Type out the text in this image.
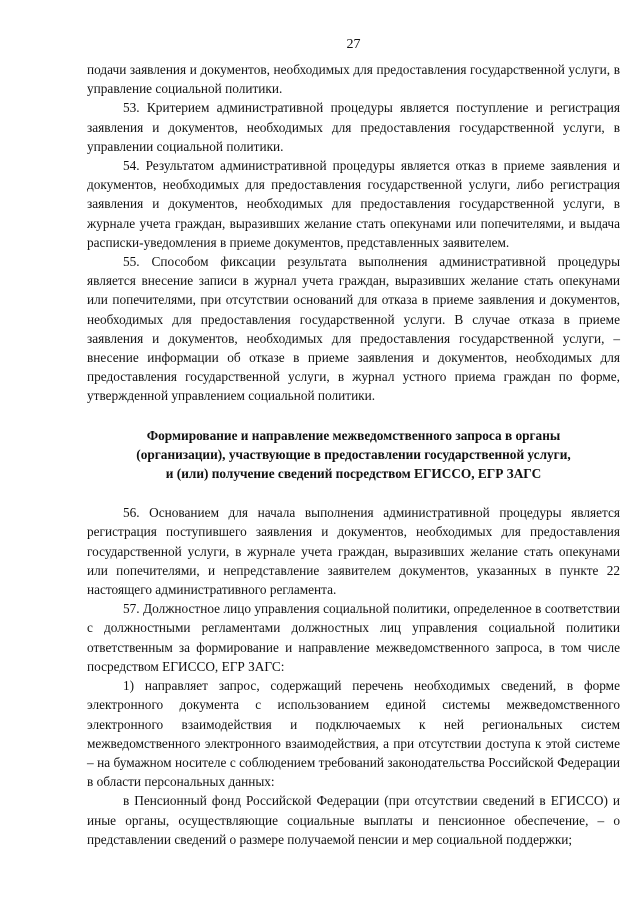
27

подачи заявления и документов, необходимых для предоставления государственной услуги, в управление социальной политики.

53. Критерием административной процедуры является поступление и регистрация заявления и документов, необходимых для предоставления государственной услуги, в управлении социальной политики.

54. Результатом административной процедуры является отказ в приеме заявления и документов, необходимых для предоставления государственной услуги, либо регистрация заявления и документов, необходимых для предоставления государственной услуги, в журнале учета граждан, выразивших желание стать опекунами или попечителями, и выдача расписки-уведомления в приеме документов, представленных заявителем.

55. Способом фиксации результата выполнения административной процедуры является внесение записи в журнал учета граждан, выразивших желание стать опекунами или попечителями, при отсутствии оснований для отказа в приеме заявления и документов, необходимых для предоставления государственной услуги. В случае отказа в приеме заявления и документов, необходимых для предоставления государственной услуги, – внесение информации об отказе в приеме заявления и документов, необходимых для предоставления государственной услуги, в журнал устного приема граждан по форме, утвержденной управлением социальной политики.

Формирование и направление межведомственного запроса в органы
(организации), участвующие в предоставлении государственной услуги,
и (или) получение сведений посредством ЕГИССО, ЕГР ЗАГС

56. Основанием для начала выполнения административной процедуры является регистрация поступившего заявления и документов, необходимых для предоставления государственной услуги, в журнале учета граждан, выразивших желание стать опекунами или попечителями, и непредставление заявителем документов, указанных в пункте 22 настоящего административного регламента.

57. Должностное лицо управления социальной политики, определенное в соответствии с должностными регламентами должностных лиц управления социальной политики ответственным за формирование и направление межведомственного запроса, в том числе посредством ЕГИССО, ЕГР ЗАГС:

1) направляет запрос, содержащий перечень необходимых сведений, в форме электронного документа с использованием единой системы межведомственного электронного взаимодействия и подключаемых к ней региональных систем межведомственного электронного взаимодействия, а при отсутствии доступа к этой системе – на бумажном носителе с соблюдением требований законодательства Российской Федерации в области персональных данных:

в Пенсионный фонд Российской Федерации (при отсутствии сведений в ЕГИССО) и иные органы, осуществляющие социальные выплаты и пенсионное обеспечение, – о представлении сведений о размере получаемой пенсии и мер социальной поддержки;
